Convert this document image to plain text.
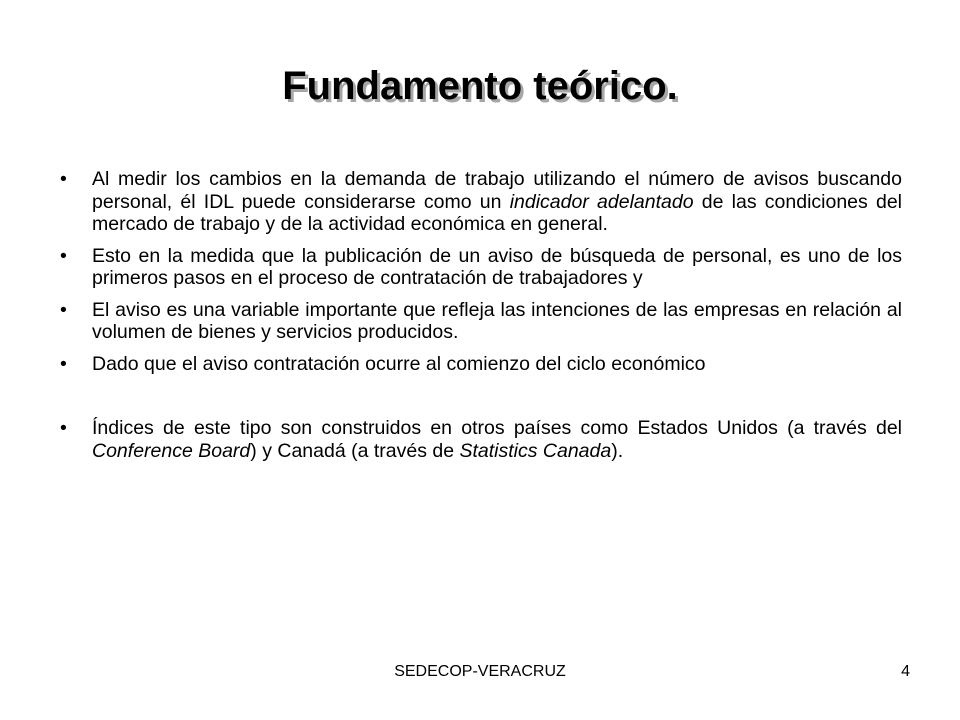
Fundamento teórico.
•	Al medir los cambios en la demanda de trabajo utilizando el número de avisos buscando personal, él IDL puede considerarse como un indicador adelantado de las condiciones del mercado de trabajo y de la actividad económica en general.
•	Esto en la medida que la publicación de un aviso de búsqueda de personal, es uno de los primeros pasos en el proceso de contratación de trabajadores y
•	El aviso es una variable importante que refleja las intenciones de las empresas en relación al volumen de bienes y servicios producidos.
•	Dado que el aviso contratación ocurre al comienzo del ciclo económico
•	Índices de este tipo son construidos en otros países como Estados Unidos (a través del Conference Board) y Canadá (a través de Statistics Canada).
SEDECOP-VERACRUZ	4
